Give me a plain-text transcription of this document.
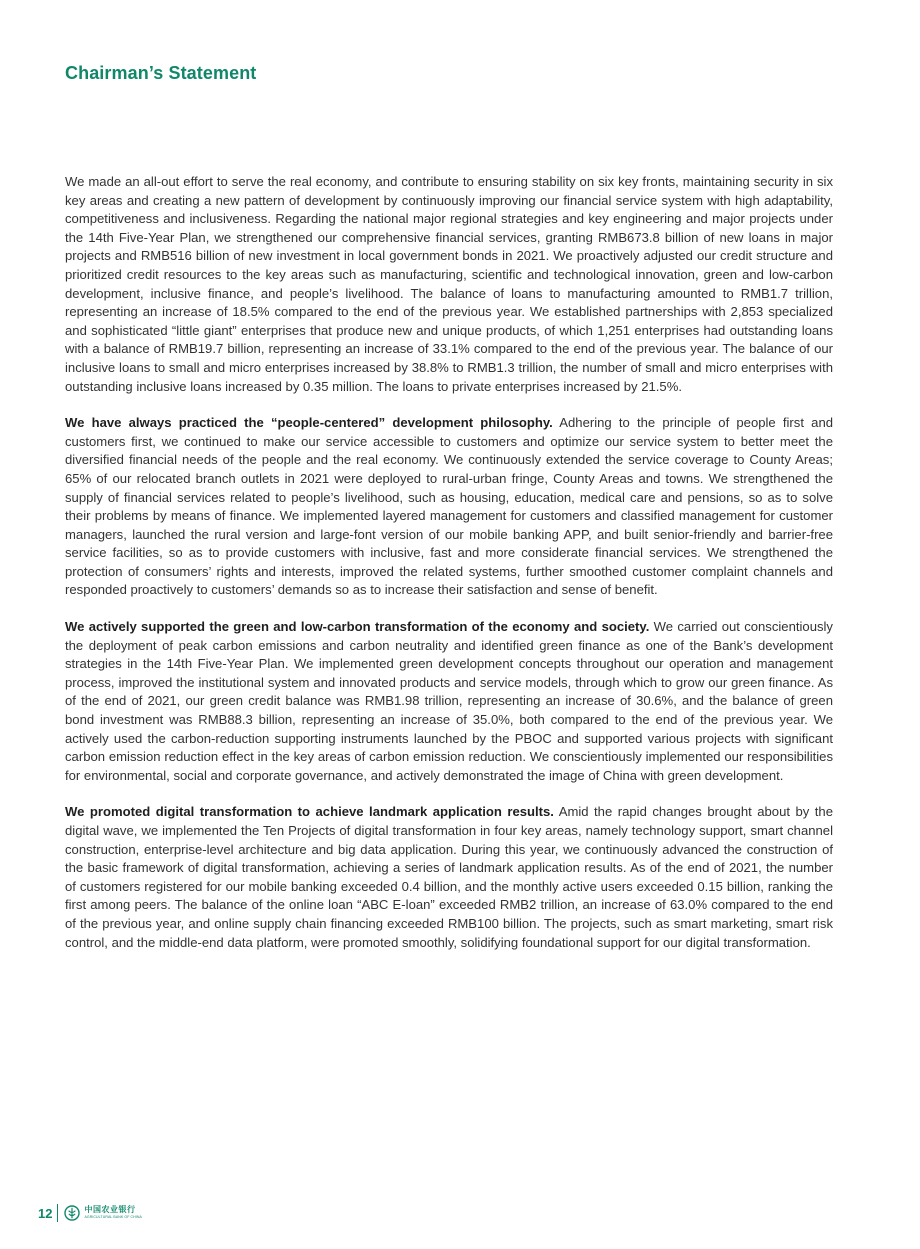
Chairman’s Statement

We made an all-out effort to serve the real economy, and contribute to ensuring stability on six key fronts, maintaining security in six key areas and creating a new pattern of development by continuously improving our financial service system with high adaptability, competitiveness and inclusiveness. Regarding the national major regional strategies and key engineering and major projects under the 14th Five-Year Plan, we strengthened our comprehensive financial services, granting RMB673.8 billion of new loans in major projects and RMB516 billion of new investment in local government bonds in 2021. We proactively adjusted our credit structure and prioritized credit resources to the key areas such as manufacturing, scientific and technological innovation, green and low-carbon development, inclusive finance, and people’s livelihood. The balance of loans to manufacturing amounted to RMB1.7 trillion, representing an increase of 18.5% compared to the end of the previous year. We established partnerships with 2,853 specialized and sophisticated “little giant” enterprises that produce new and unique products, of which 1,251 enterprises had outstanding loans with a balance of RMB19.7 billion, representing an increase of 33.1% compared to the end of the previous year. The balance of our inclusive loans to small and micro enterprises increased by 38.8% to RMB1.3 trillion, the number of small and micro enterprises with outstanding inclusive loans increased by 0.35 million. The loans to private enterprises increased by 21.5%.

We have always practiced the “people-centered” development philosophy. Adhering to the principle of people first and customers first, we continued to make our service accessible to customers and optimize our service system to better meet the diversified financial needs of the people and the real economy. We continuously extended the service coverage to County Areas; 65% of our relocated branch outlets in 2021 were deployed to rural-urban fringe, County Areas and towns. We strengthened the supply of financial services related to people’s livelihood, such as housing, education, medical care and pensions, so as to solve their problems by means of finance. We implemented layered management for customers and classified management for customer managers, launched the rural version and large-font version of our mobile banking APP, and built senior-friendly and barrier-free service facilities, so as to provide customers with inclusive, fast and more considerate financial services. We strengthened the protection of consumers’ rights and interests, improved the related systems, further smoothed customer complaint channels and responded proactively to customers’ demands so as to increase their satisfaction and sense of benefit.

We actively supported the green and low-carbon transformation of the economy and society. We carried out conscientiously the deployment of peak carbon emissions and carbon neutrality and identified green finance as one of the Bank’s development strategies in the 14th Five-Year Plan. We implemented green development concepts throughout our operation and management process, improved the institutional system and innovated products and service models, through which to grow our green finance. As of the end of 2021, our green credit balance was RMB1.98 trillion, representing an increase of 30.6%, and the balance of green bond investment was RMB88.3 billion, representing an increase of 35.0%, both compared to the end of the previous year. We actively used the carbon-reduction supporting instruments launched by the PBOC and supported various projects with significant carbon emission reduction effect in the key areas of carbon emission reduction. We conscientiously implemented our responsibilities for environmental, social and corporate governance, and actively demonstrated the image of China with green development.

We promoted digital transformation to achieve landmark application results. Amid the rapid changes brought about by the digital wave, we implemented the Ten Projects of digital transformation in four key areas, namely technology support, smart channel construction, enterprise-level architecture and big data application. During this year, we continuously advanced the construction of the basic framework of digital transformation, achieving a series of landmark application results. As of the end of 2021, the number of customers registered for our mobile banking exceeded 0.4 billion, and the monthly active users exceeded 0.15 billion, ranking the first among peers. The balance of the online loan “ABC E-loan” exceeded RMB2 trillion, an increase of 63.0% compared to the end of the previous year, and online supply chain financing exceeded RMB100 billion. The projects, such as smart marketing, smart risk control, and the middle-end data platform, were promoted smoothly, solidifying foundational support for our digital transformation.

12	中国农业银行
AGRICULTURAL BANK OF CHINA
